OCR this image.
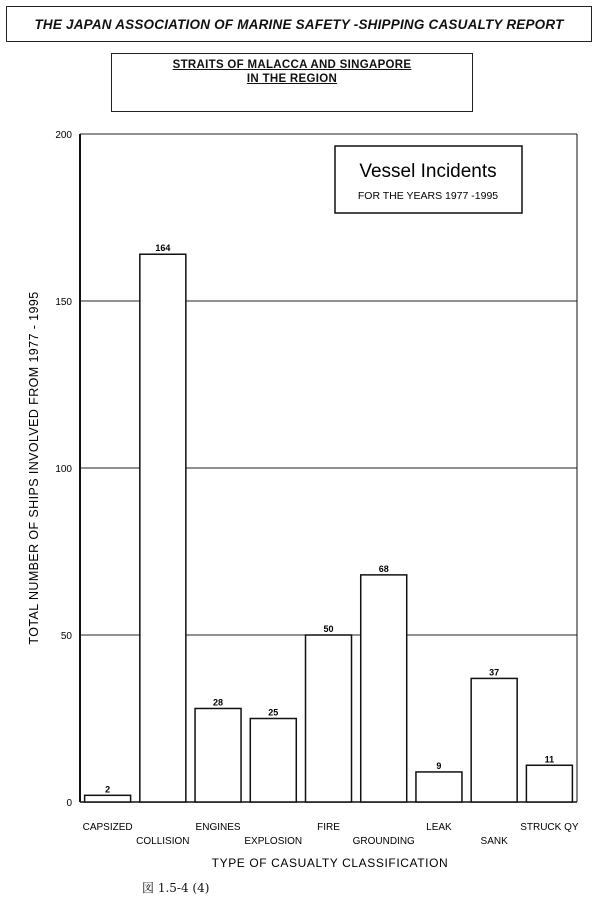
THE JAPAN ASSOCIATION OF MARINE SAFETY -SHIPPING CASUALTY REPORT
STRAITS OF MALACCA AND SINGAPORE
IN THE REGION
2
164
28
25
50
68
9
37
11
0
50
100
150
200
CAPSIZED
COLLISION
ENGINES
EXPLOSION
FIRE
GROUNDING
LEAK
SANK
STRUCK QY
Vessel Incidents
FOR THE YEARS 1977 -1995
TOTAL NUMBER OF SHIPS INVOLVED FROM 1977 - 1995
TYPE OF CASUALTY CLASSIFICATION
図 1.5-4 (4)
